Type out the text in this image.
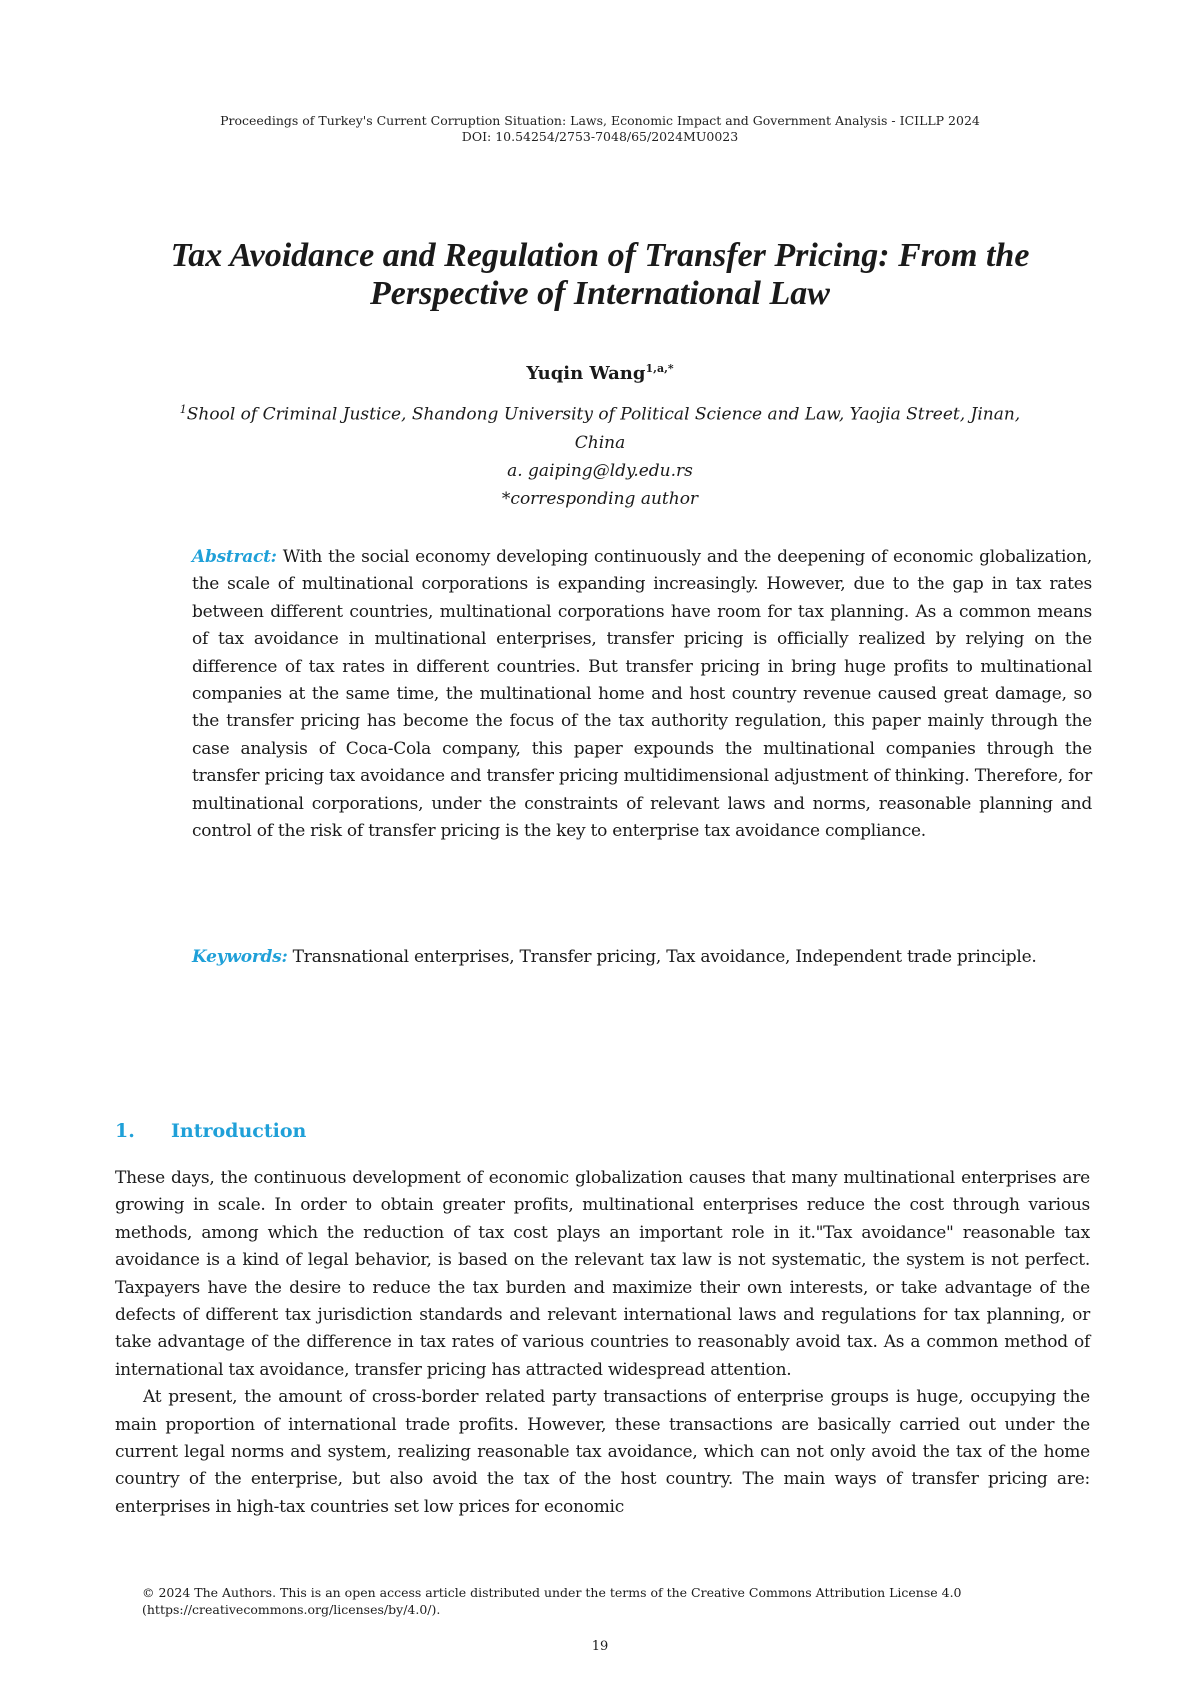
Proceedings of Turkey's Current Corruption Situation: Laws, Economic Impact and Government Analysis - ICILLP 2024
DOI: 10.54254/2753-7048/65/2024MU0023
Tax Avoidance and Regulation of Transfer Pricing: From the
Perspective of International Law
Yuqin Wang$^{1,a,*}$
$^1$Shool of Criminal Justice, Shandong University of Political Science and Law, Yaojia Street, Jinan,
China
a. gaiping@ldy.edu.rs
*corresponding author
Abstract: With the social economy developing continuously and the deepening of economic globalization, the scale of multinational corporations is expanding increasingly. However, due to the gap in tax rates between different countries, multinational corporations have room for tax planning. As a common means of tax avoidance in multinational enterprises, transfer pricing is officially realized by relying on the difference of tax rates in different countries. But transfer pricing in bring huge profits to multinational companies at the same time, the multinational home and host country revenue caused great damage, so the transfer pricing has become the focus of the tax authority regulation, this paper mainly through the case analysis of Coca-Cola company, this paper expounds the multinational companies through the transfer pricing tax avoidance and transfer pricing multidimensional adjustment of thinking. Therefore, for multinational corporations, under the constraints of relevant laws and norms, reasonable planning and control of the risk of transfer pricing is the key to enterprise tax avoidance compliance.
Keywords: Transnational enterprises, Transfer pricing, Tax avoidance, Independent trade principle.
1. Introduction

These days, the continuous development of economic globalization causes that many multinational enterprises are growing in scale. In order to obtain greater profits, multinational enterprises reduce the cost through various methods, among which the reduction of tax cost plays an important role in it."Tax avoidance" reasonable tax avoidance is a kind of legal behavior, is based on the relevant tax law is not systematic, the system is not perfect. Taxpayers have the desire to reduce the tax burden and maximize their own interests, or take advantage of the defects of different tax jurisdiction standards and relevant international laws and regulations for tax planning, or take advantage of the difference in tax rates of various countries to reasonably avoid tax. As a common method of international tax avoidance, transfer pricing has attracted widespread attention.

At present, the amount of cross-border related party transactions of enterprise groups is huge, occupying the main proportion of international trade profits. However, these transactions are basically carried out under the current legal norms and system, realizing reasonable tax avoidance, which can not only avoid the tax of the home country of the enterprise, but also avoid the tax of the host country. The main ways of transfer pricing are: enterprises in high-tax countries set low prices for economic

© 2024 The Authors. This is an open access article distributed under the terms of the Creative Commons Attribution License 4.0
(https://creativecommons.org/licenses/by/4.0/).
19
